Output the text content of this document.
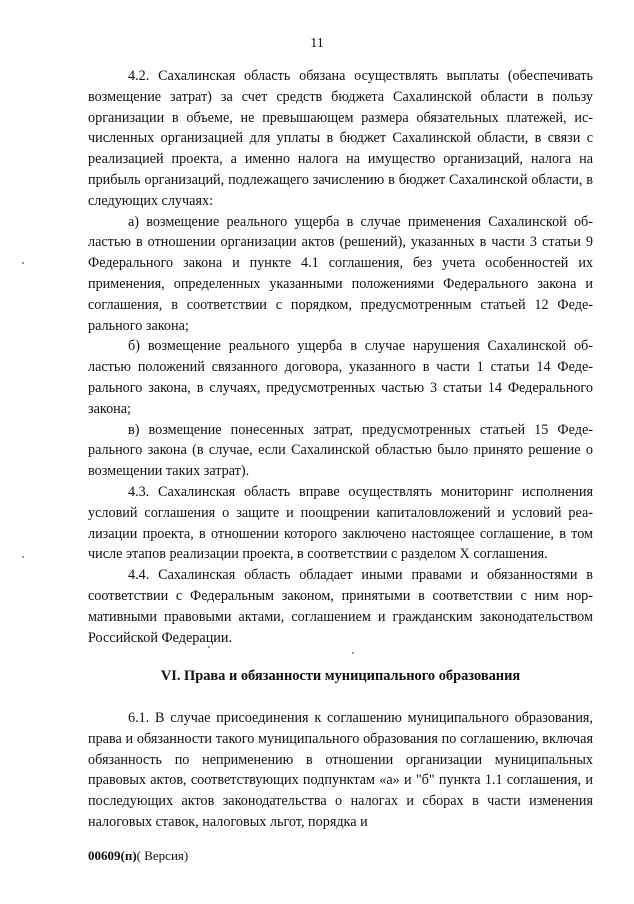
11

4.2. Сахалинская область обязана осуществлять выплаты (обеспечивать возмещение затрат) за счет средств бюджета Сахалинской области в пользу организации в объеме, не превышающем размера обязательных платежей, исчисленных организацией для уплаты в бюджет Сахалинской области, в связи с реализацией проекта, а именно налога на имущество организаций, налога на прибыль организаций, подлежащего зачислению в бюджет Сахалинской области, в следующих случаях:

а) возмещение реального ущерба в случае применения Сахалинской областью в отношении организации актов (решений), указанных в части 3 статьи 9 Федерального закона и пункте 4.1 соглашения, без учета особенностей их применения, определенных указанными положениями Федерального закона и соглашения, в соответствии с порядком, предусмотренным статьей 12 Федерального закона;

б) возмещение реального ущерба в случае нарушения Сахалинской областью положений связанного договора, указанного в части 1 статьи 14 Федерального закона, в случаях, предусмотренных частью 3 статьи 14 Федерального закона;

в) возмещение понесенных затрат, предусмотренных статьей 15 Федерального закона (в случае, если Сахалинской областью было принято решение о возмещении таких затрат).

4.3. Сахалинская область вправе осуществлять мониторинг исполнения условий соглашения о защите и поощрении капиталовложений и условий реализации проекта, в отношении которого заключено настоящее соглашение, в том числе этапов реализации проекта, в соответствии с разделом X соглашения.

4.4. Сахалинская область обладает иными правами и обязанностями в соответствии с Федеральным законом, принятыми в соответствии с ним нормативными правовыми актами, соглашением и гражданским законодательством Российской Федерации.

VI. Права и обязанности муниципального образования

6.1. В случае присоединения к соглашению муниципального образования, права и обязанности такого муниципального образования по соглашению, включая обязанность по неприменению в отношении организации муниципальных правовых актов, соответствующих подпунктам «а» и "б" пункта 1.1 соглашения, и последующих актов законодательства о налогах и сборах в части изменения налоговых ставок, налоговых льгот, порядка и

00609(п)( Версия)
